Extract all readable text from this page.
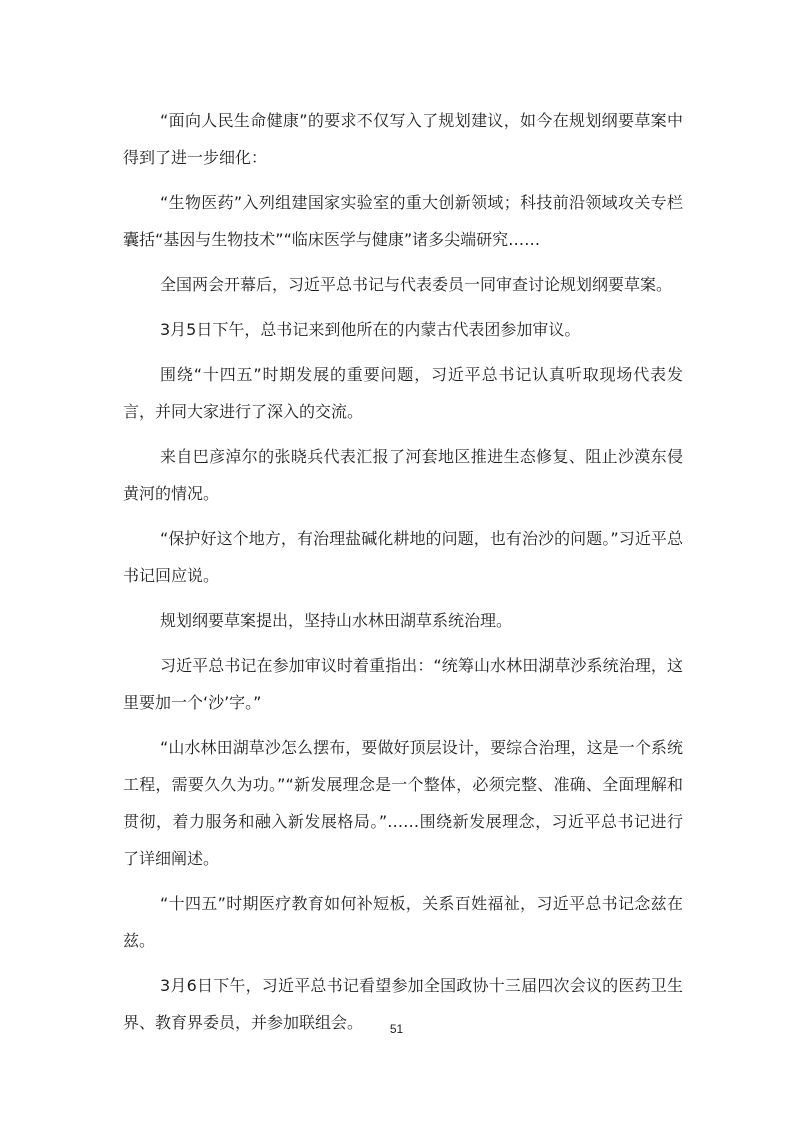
“面向人民生命健康”的要求不仅写入了规划建议，如今在规划纲要草案中得到了进一步细化：

“生物医药”入列组建国家实验室的重大创新领域；科技前沿领域攻关专栏囊括“基因与生物技术”“临床医学与健康”诸多尖端研究……

全国两会开幕后，习近平总书记与代表委员一同审查讨论规划纲要草案。

3月5日下午，总书记来到他所在的内蒙古代表团参加审议。

围绕“十四五”时期发展的重要问题，习近平总书记认真听取现场代表发言，并同大家进行了深入的交流。

来自巴彦淖尔的张晓兵代表汇报了河套地区推进生态修复、阻止沙漠东侵黄河的情况。

“保护好这个地方，有治理盐碱化耕地的问题，也有治沙的问题。”习近平总书记回应说。

规划纲要草案提出，坚持山水林田湖草系统治理。

习近平总书记在参加审议时着重指出：“统筹山水林田湖草沙系统治理，这里要加一个‘沙’字。”

“山水林田湖草沙怎么摆布，要做好顶层设计，要综合治理，这是一个系统工程，需要久久为功。”“新发展理念是一个整体，必须完整、准确、全面理解和贯彻，着力服务和融入新发展格局。”……围绕新发展理念，习近平总书记进行了详细阐述。

“十四五”时期医疗教育如何补短板，关系百姓福祉，习近平总书记念兹在兹。

3月6日下午，习近平总书记看望参加全国政协十三届四次会议的医药卫生界、教育界委员，并参加联组会。	51
